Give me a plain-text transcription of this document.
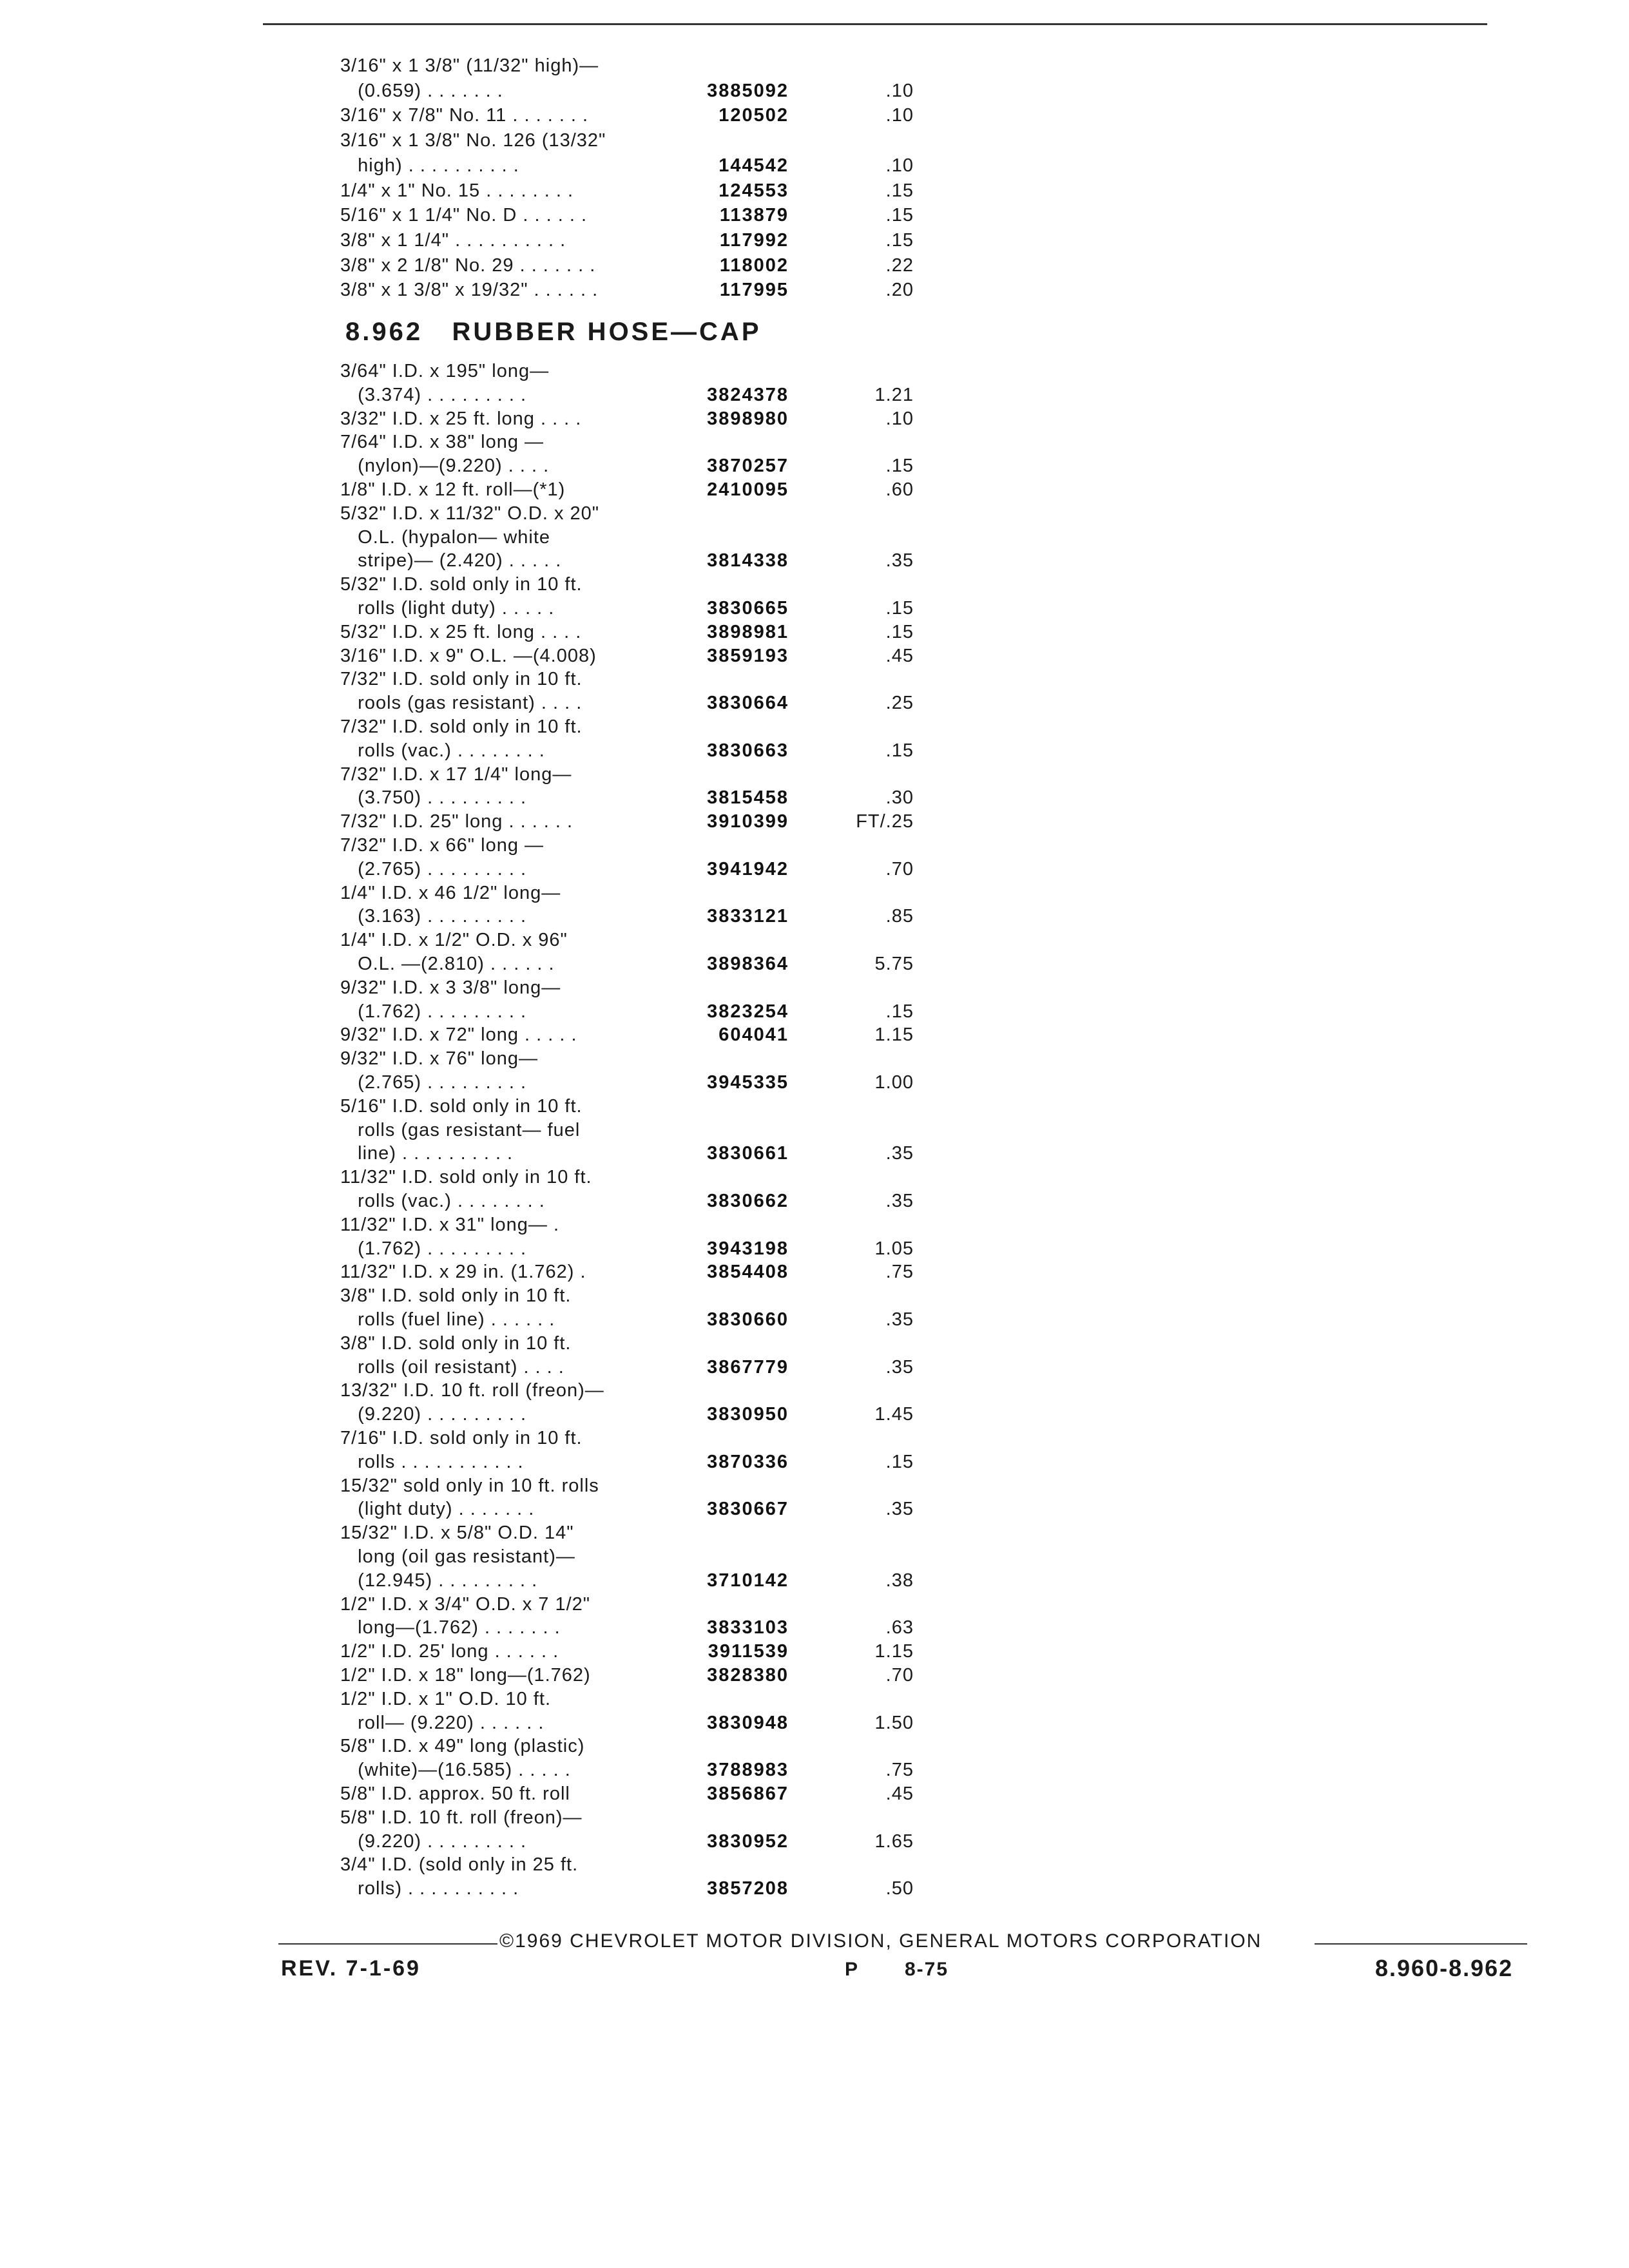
3/16" x 1 3/8" (11/32" high)—
(0.659) . . . . . . .	3885092	.10
3/16" x 7/8" No. 11 . . . . . . .	120502	.10
3/16" x 1 3/8" No. 126 (13/32"
high) . . . . . . . . . .	144542	.10
1/4" x 1" No. 15 . . . . . . . .	124553	.15
5/16" x 1 1/4" No. D . . . . . .	113879	.15
3/8" x 1 1/4" . . . . . . . . . .	117992	.15
3/8" x 2 1/8" No. 29 . . . . . . .	118002	.22
3/8" x 1 3/8" x 19/32" . . . . . .	117995	.20
8.962 RUBBER HOSE—CAP
3/64" I.D. x 195" long—
(3.374) . . . . . . . . .	3824378	1.21
3/32" I.D. x 25 ft. long . . . .	3898980	.10
7/64" I.D. x 38" long —
(nylon)—(9.220) . . . .	3870257	.15
1/8" I.D. x 12 ft. roll—(*1)	2410095	.60
5/32" I.D. x 11/32" O.D. x 20"
O.L. (hypalon— white
stripe)— (2.420) . . . . .	3814338	.35
5/32" I.D. sold only in 10 ft.
rolls (light duty) . . . . .	3830665	.15
5/32" I.D. x 25 ft. long . . . .	3898981	.15
3/16" I.D. x 9" O.L. —(4.008)	3859193	.45
7/32" I.D. sold only in 10 ft.
rools (gas resistant) . . . .	3830664	.25
7/32" I.D. sold only in 10 ft.
rolls (vac.) . . . . . . . .	3830663	.15
7/32" I.D. x 17 1/4" long—
(3.750) . . . . . . . . .	3815458	.30
7/32" I.D. 25" long . . . . . .	3910399	FT/.25
7/32" I.D. x 66" long —
(2.765) . . . . . . . . .	3941942	.70
1/4" I.D. x 46 1/2" long—
(3.163) . . . . . . . . .	3833121	.85
1/4" I.D. x 1/2" O.D. x 96"
O.L. —(2.810) . . . . . .	3898364	5.75
9/32" I.D. x 3 3/8" long—
(1.762) . . . . . . . . .	3823254	.15
9/32" I.D. x 72" long . . . . .	604041	1.15
9/32" I.D. x 76" long—
(2.765) . . . . . . . . .	3945335	1.00
5/16" I.D. sold only in 10 ft.
rolls (gas resistant— fuel
line) . . . . . . . . . .	3830661	.35
11/32" I.D. sold only in 10 ft.
rolls (vac.) . . . . . . . .	3830662	.35
11/32" I.D. x 31" long— .
(1.762) . . . . . . . . .	3943198	1.05
11/32" I.D. x 29 in. (1.762) .	3854408	.75
3/8" I.D. sold only in 10 ft.
rolls (fuel line) . . . . . .	3830660	.35
3/8" I.D. sold only in 10 ft.
rolls (oil resistant) . . . .	3867779	.35
13/32" I.D. 10 ft. roll (freon)—
(9.220) . . . . . . . . .	3830950	1.45
7/16" I.D. sold only in 10 ft.
rolls . . . . . . . . . . .	3870336	.15
15/32" sold only in 10 ft. rolls
(light duty) . . . . . . .	3830667	.35
15/32" I.D. x 5/8" O.D. 14"
long (oil gas resistant)—
(12.945) . . . . . . . . .	3710142	.38
1/2" I.D. x 3/4" O.D. x 7 1/2"
long—(1.762) . . . . . . .	3833103	.63
1/2" I.D. 25' long . . . . . .	3911539	1.15
1/2" I.D. x 18" long—(1.762)	3828380	.70
1/2" I.D. x 1" O.D. 10 ft.
roll— (9.220) . . . . . .	3830948	1.50
5/8" I.D. x 49" long (plastic)
(white)—(16.585) . . . . .	3788983	.75
5/8" I.D. approx. 50 ft. roll	3856867	.45
5/8" I.D. 10 ft. roll (freon)—
(9.220) . . . . . . . . .	3830952	1.65
3/4" I.D. (sold only in 25 ft.
rolls) . . . . . . . . . .	3857208	.50
©1969 CHEVROLET MOTOR DIVISION, GENERAL MOTORS CORPORATION
REV. 7-1-69	P 8-75	8.960-8.962
